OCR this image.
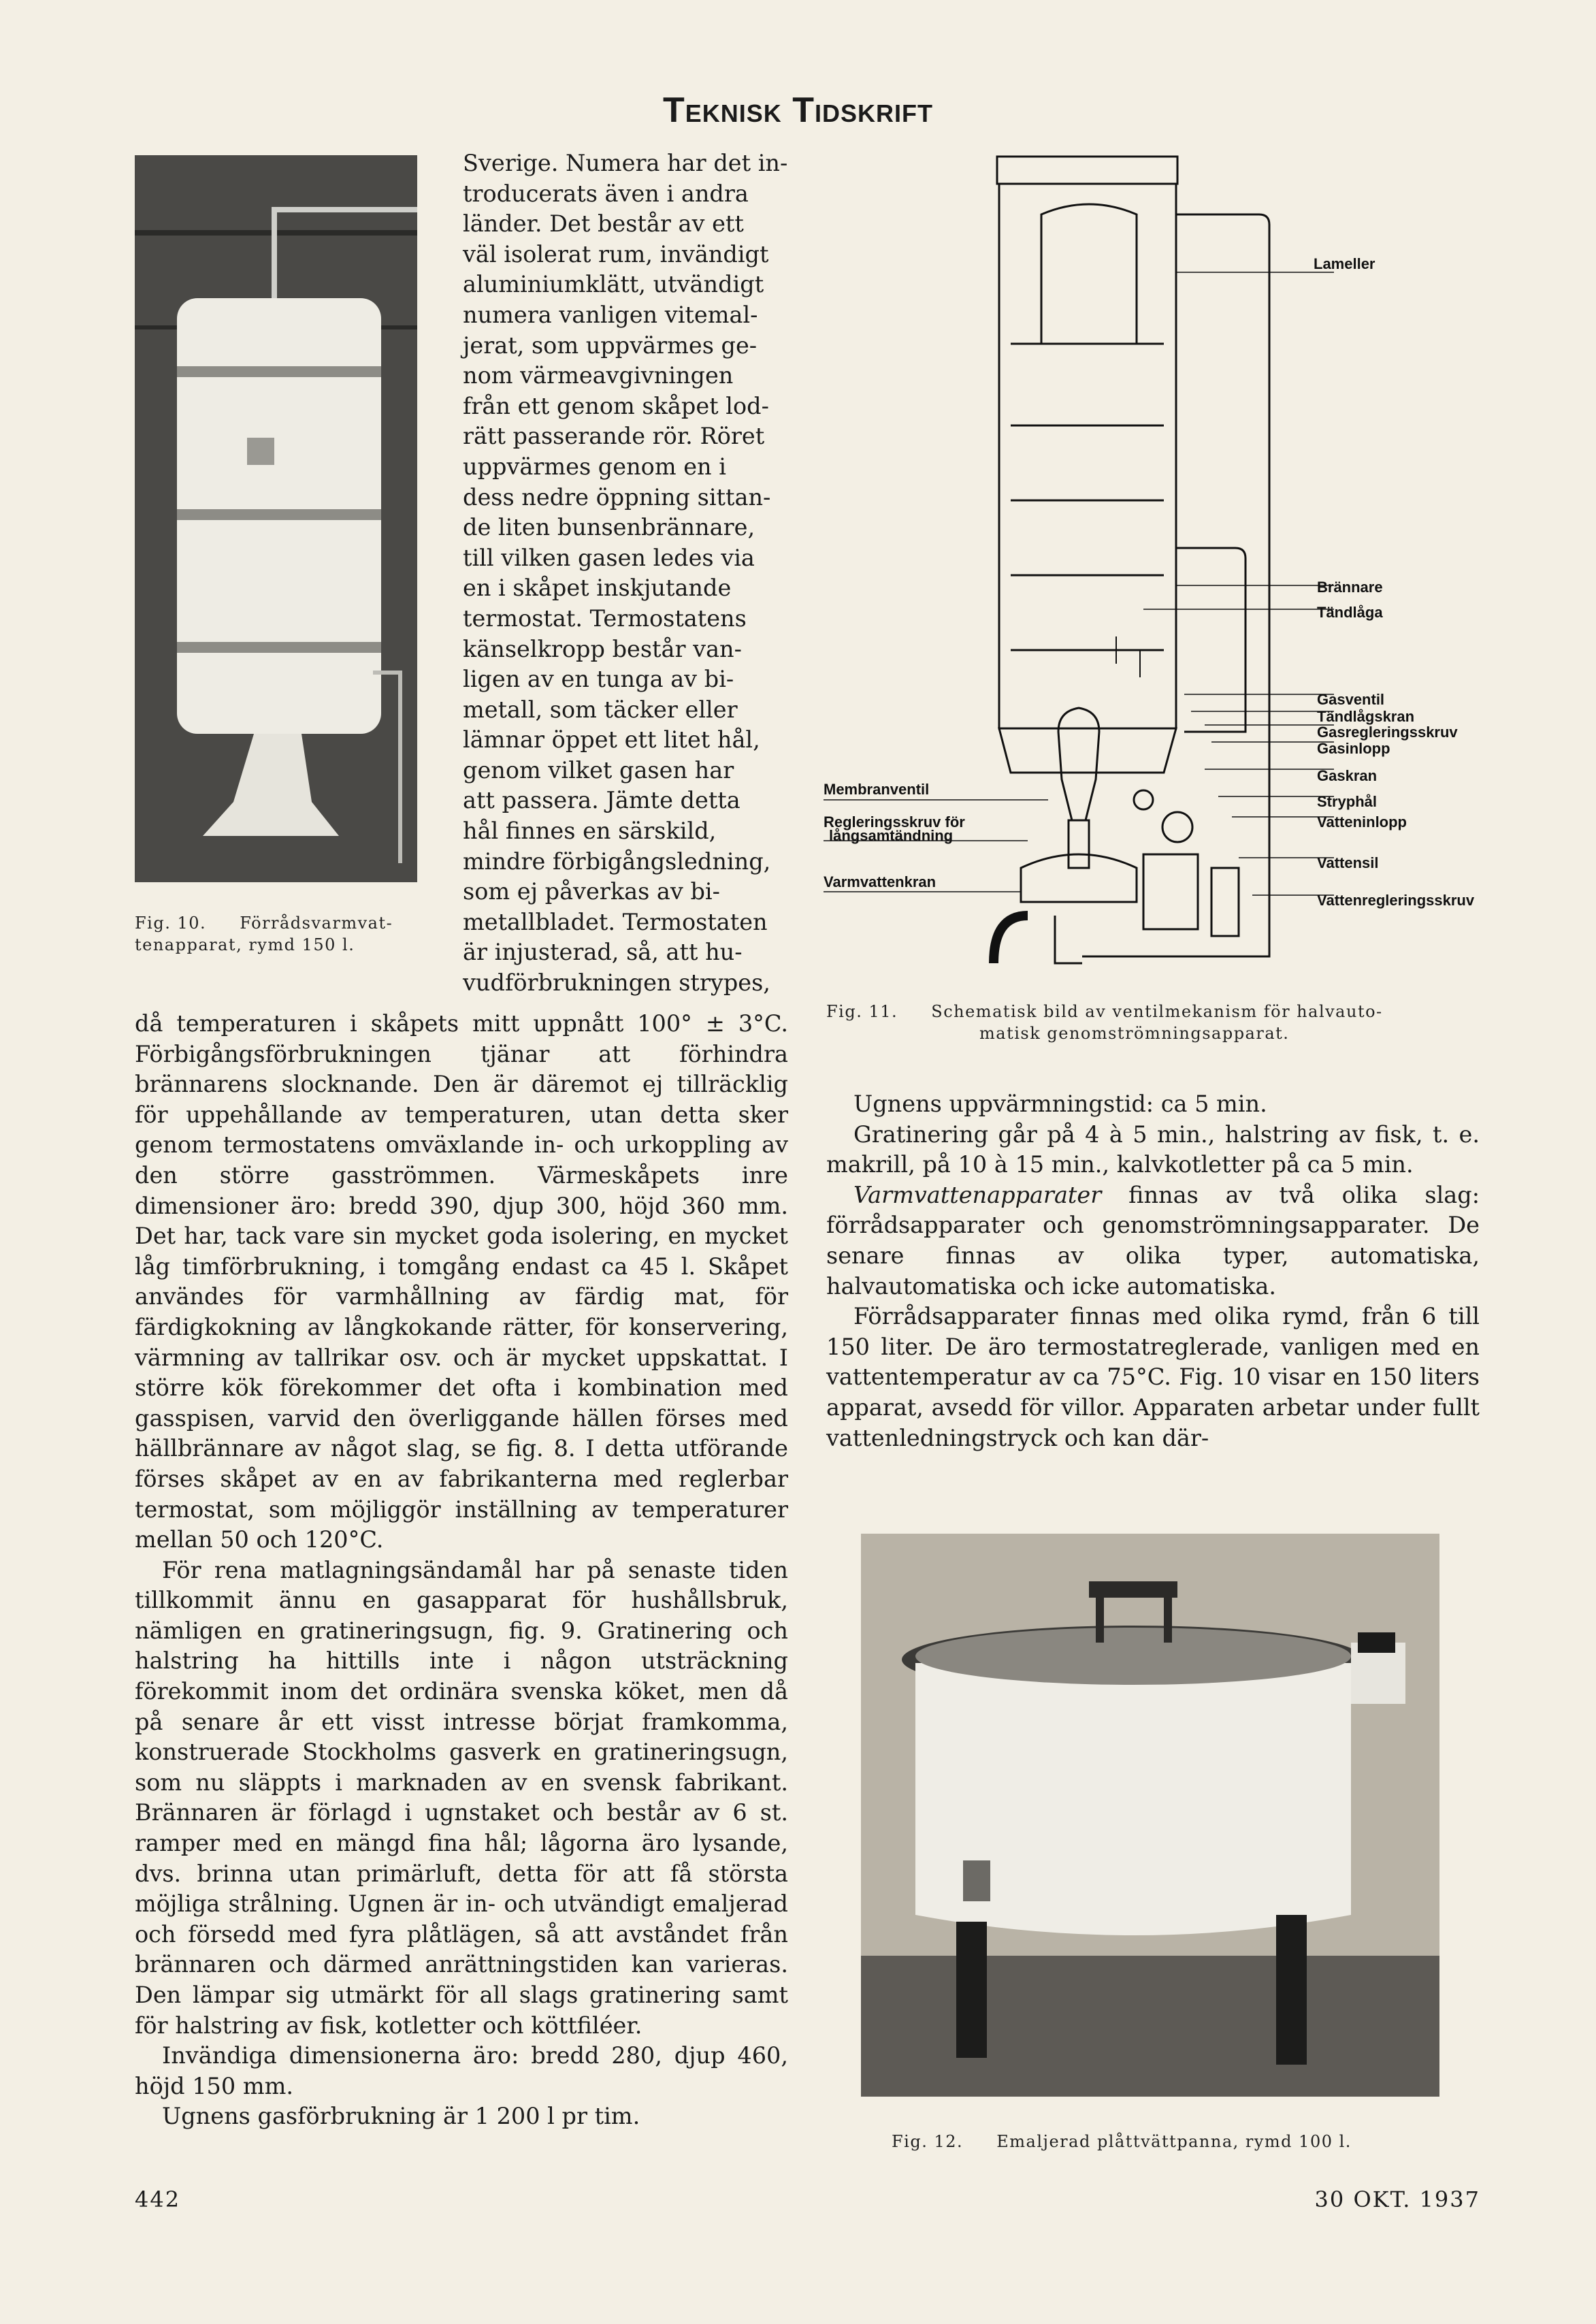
Teknisk Tidskrift
Fig. 10. Förrådsvarmvat-
tenapparat, rymd 150 l.
Sverige. Numera har det in-
troducerats även i andra
länder. Det består av ett
väl isolerat rum, invändigt
aluminiumklätt, utvändigt
numera vanligen vitemal-
jerat, som uppvärmes ge-
nom värmeavgivningen
från ett genom skåpet lod-
rätt passerande rör. Röret
uppvärmes genom en i
dess nedre öppning sittan-
de liten bunsenbrännare,
till vilken gasen ledes via
en i skåpet inskjutande
termostat. Termostatens
känselkropp består van-
ligen av en tunga av bi-
metall, som täcker eller
lämnar öppet ett litet hål,
genom vilket gasen har
att passera. Jämte detta
hål finnes en särskild,
mindre förbigångsledning,
som ej påverkas av bi-
metallbladet. Termostaten
är injusterad, så, att hu-
vudförbrukningen strypes,

då temperaturen i skåpets mitt uppnått 100° ± 3°C. Förbigångsförbrukningen tjänar att förhindra brännarens slocknande. Den är däremot ej tillräcklig för uppehållande av temperaturen, utan detta sker genom termostatens omväxlande in- och urkoppling av den större gasströmmen. Värmeskåpets inre dimensioner äro: bredd 390, djup 300, höjd 360 mm. Det har, tack vare sin mycket goda isolering, en mycket låg timförbrukning, i tomgång endast ca 45 l. Skåpet användes för varmhållning av färdig mat, för färdigkokning av långkokande rätter, för konservering, värmning av tallrikar osv. och är mycket uppskattat. I större kök förekommer det ofta i kombination med gasspisen, varvid den överliggande hällen förses med hällbrännare av något slag, se fig. 8. I detta utförande förses skåpet av en av fabrikanterna med reglerbar termostat, som möjliggör inställning av temperaturer mellan 50 och 120°C.

För rena matlagningsändamål har på senaste tiden tillkommit ännu en gasapparat för hushållsbruk, nämligen en gratineringsugn, fig. 9. Gratinering och halstring ha hittills inte i någon utsträckning förekommit inom det ordinära svenska köket, men då på senare år ett visst intresse börjat framkomma, konstruerade Stockholms gasverk en gratineringsugn, som nu släppts i marknaden av en svensk fabrikant. Brännaren är förlagd i ugnstaket och består av 6 st. ramper med en mängd fina hål; lågorna äro lysande, dvs. brinna utan primärluft, detta för att få största möjliga strålning. Ugnen är in- och utvändigt emaljerad och försedd med fyra plåtlägen, så att avståndet från brännaren och därmed anrättningstiden kan varieras. Den lämpar sig utmärkt för all slags gratinering samt för halstring av fisk, kotletter och köttfiléer.

Invändiga dimensionerna äro: bredd 280, djup 460, höjd 150 mm.

Ugnens gasförbrukning är 1 200 l pr tim.

Lameller
Brännare
Tändlåga
Gasventil
Tändlågskran
Gasregleringsskruv
Gasinlopp
Gaskran
Stryphål
Vatteninlopp
Vattensil
Vattenregleringsskruv
Membranventil
Regleringsskruv för
långsamtändning
Varmvattenkran
Fig. 11. Schematisk bild av ventilmekanism för halvauto-
matisk genomströmningsapparat.

Ugnens uppvärmningstid: ca 5 min.

Gratinering går på 4 à 5 min., halstring av fisk, t. e. makrill, på 10 à 15 min., kalvkotletter på ca 5 min.

Varmvattenapparater finnas av två olika slag: förrådsapparater och genomströmningsapparater. De senare finnas av olika typer, automatiska, halvautomatiska och icke automatiska.

Förrådsapparater finnas med olika rymd, från 6 till 150 liter. De äro termostatreglerade, vanligen med en vattentemperatur av ca 75°C. Fig. 10 visar en 150 liters apparat, avsedd för villor. Apparaten arbetar under fullt vattenledningstryck och kan där-

Fig. 12. Emaljerad plåttvättpanna, rymd 100 l.
442	30 OKT. 1937
